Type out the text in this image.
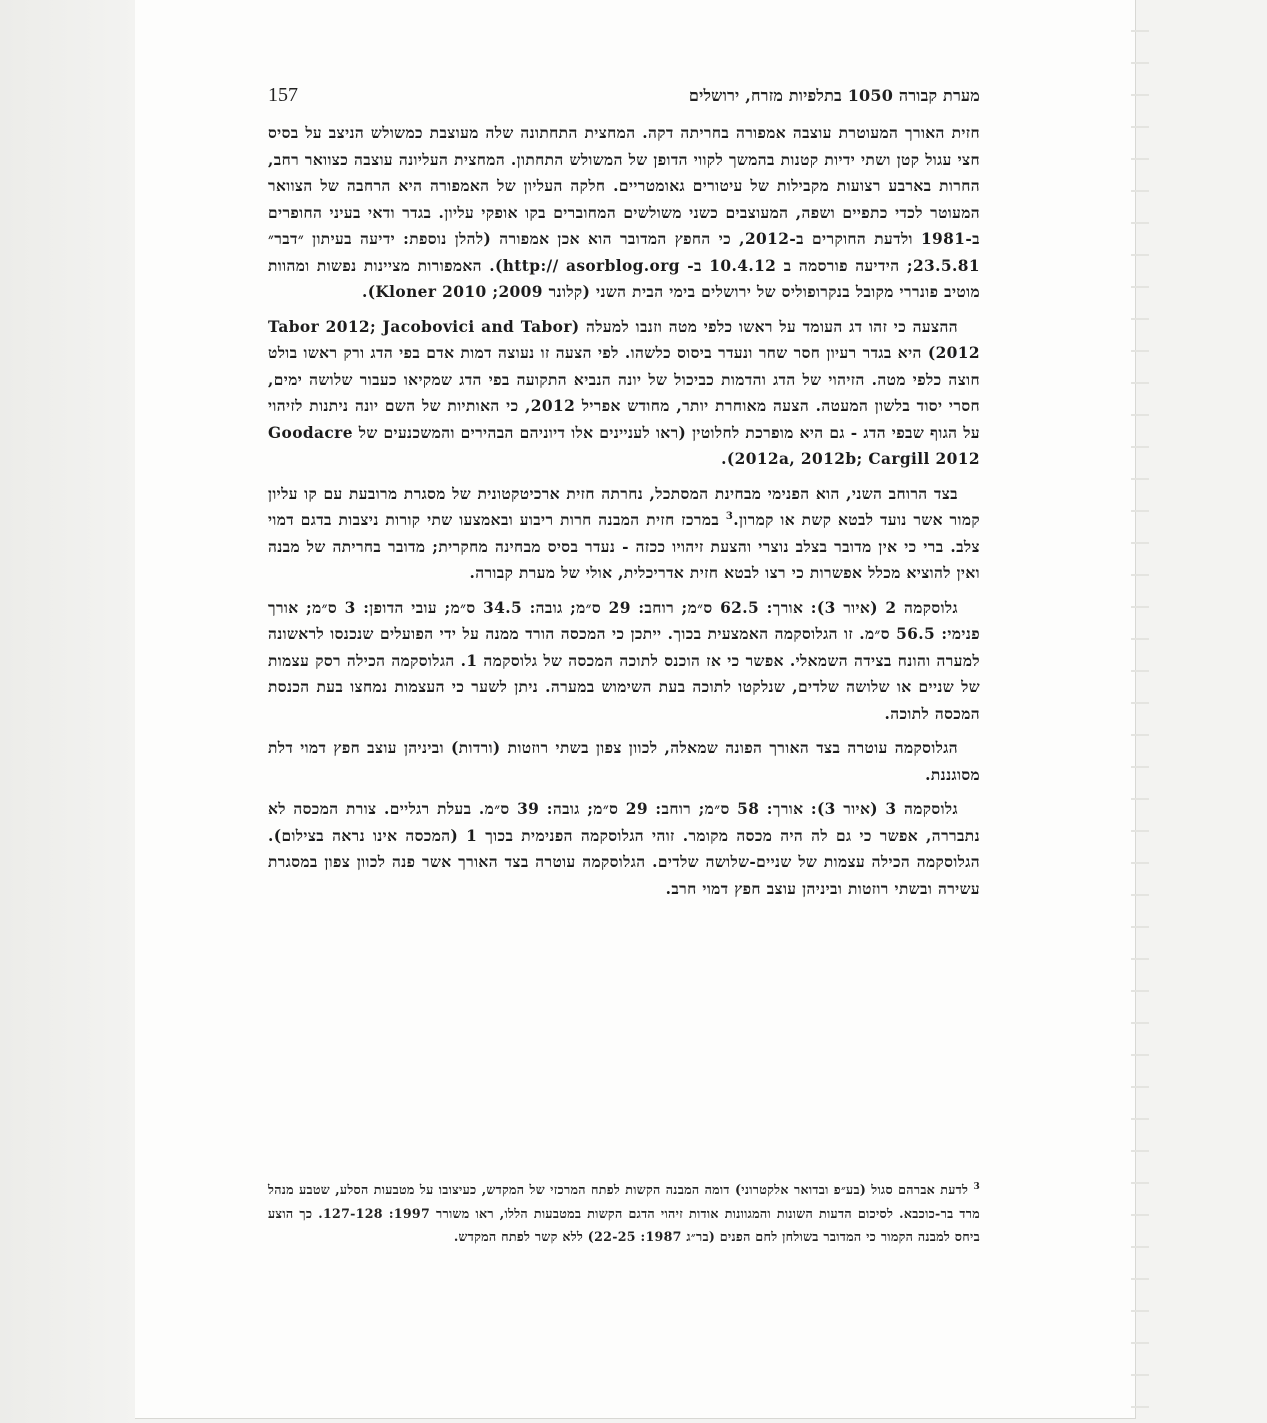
מערת קבורה 1050 בתלפיות מזרח, ירושלים
157

חזית האורך המעוטרת עוצבה אמפורה בחריתה דקה. המחצית התחתונה שלה מעוצבת כמשולש הניצב על בסיס חצי עגול קטן ושתי ידיות קטנות בהמשך לקווי הדופן של המשולש התחתון. המחצית העליונה עוצבה כצוואר רחב, החרות בארבע רצועות מקבילות של עיטורים גאומטריים. חלקה העליון של האמפורה היא הרחבה של הצוואר המעוטר לכדי כתפיים ושפה, המעוצבים כשני משולשים המחוברים בקו אופקי עליון. בגדר ודאי בעיני החופרים ב-1981 ולדעת החוקרים ב-2012, כי החפץ המדובר הוא אכן אמפורה (להלן נוספת: ידיעה בעיתון ״דבר״ 23.5.81; הידיעה פורסמה ב 10.4.12 ב- http:// asorblog.org). האמפורות מציינות נפשות ומהוות מוטיב פונררי מקובל בנקרופוליס של ירושלים בימי הבית השני (קלונר 2009; Kloner 2010).

ההצעה כי זהו דג העומד על ראשו כלפי מטה וזנבו למעלה (Tabor 2012; Jacobovici and Tabor 2012) היא בגדר רעיון חסר שחר ונעדר ביסוס כלשהו. לפי הצעה זו נעוצה דמות אדם בפי הדג ורק ראשו בולט חוצה כלפי מטה. הזיהוי של הדג והדמות כביכול של יונה הנביא התקועה בפי הדג שמקיאו כעבור שלושה ימים, חסרי יסוד בלשון המעטה. הצעה מאוחרת יותר, מחודש אפריל 2012, כי האותיות של השם יונה ניתנות לזיהוי על הגוף שבפי הדג - גם היא מופרכת לחלוטין (ראו לעניינים אלו דיוניהם הבהירים והמשכנעים של Goodacre 2012a, 2012b; Cargill 2012).

בצד הרוחב השני, הוא הפנימי מבחינת המסתכל, נחרתה חזית ארכיטקטונית של מסגרת מרובעת עם קו עליון קמור אשר נועד לבטא קשת או קמרון.$^3$ במרכז חזית המבנה חרות ריבוע ובאמצעו שתי קורות ניצבות בדגם דמוי צלב. ברי כי אין מדובר בצלב נוצרי והצעת זיהויו ככזה - נעדר בסיס מבחינה מחקרית; מדובר בחריתה של מבנה ואין להוציא מכלל אפשרות כי רצו לבטא חזית אדריכלית, אולי של מערת קבורה.

גלוסקמה 2 (איור 3): אורך: 62.5 ס״מ; רוחב: 29 ס״מ; גובה: 34.5 ס״מ; עובי הדופן: 3 ס״מ; אורך פנימי: 56.5 ס״מ. זו הגלוסקמה האמצעית בכוך. ייתכן כי המכסה הורד ממנה על ידי הפועלים שנכנסו לראשונה למערה והונח בצידה השמאלי. אפשר כי אז הוכנס לתוכה המכסה של גלוסקמה 1. הגלוסקמה הכילה רסק עצמות של שניים או שלושה שלדים, שנלקטו לתוכה בעת השימוש במערה. ניתן לשער כי העצמות נמחצו בעת הכנסת המכסה לתוכה.

הגלוסקמה עוטרה בצד האורך הפונה שמאלה, לכוון צפון בשתי רוזטות (ורדות) וביניהן עוצב חפץ דמוי דלת מסוגננת.

גלוסקמה 3 (איור 3): אורך: 58 ס״מ; רוחב: 29 ס״מ; גובה: 39 ס״מ. בעלת רגליים. צורת המכסה לא נתבררה, אפשר כי גם לה היה מכסה מקומר. זוהי הגלוסקמה הפנימית בכוך 1 (המכסה אינו נראה בצילום). הגלוסקמה הכילה עצמות של שניים-שלושה שלדים. הגלוסקמה עוטרה בצד האורך אשר פנה לכוון צפון במסגרת עשירה ובשתי רוזטות וביניהן עוצב חפץ דמוי חרב.

$^3$ לדעת אברהם סגול (בע״פ ובדואר אלקטרוני) דומה המבנה הקשות לפתח המרכזי של המקדש, כעיצובו על מטבעות הסלע, שטבע מנהל מרד בר-כוכבא. לסיכום הדעות השונות והמגוונות אודות זיהוי הדגם הקשות במטבעות הללו, ראו משורר 1997: 127-128. כך הוצע ביחס למבנה הקמור כי המדובר בשולחן לחם הפנים (בר״ג 1987: 22-25) ללא קשר לפתח המקדש.
